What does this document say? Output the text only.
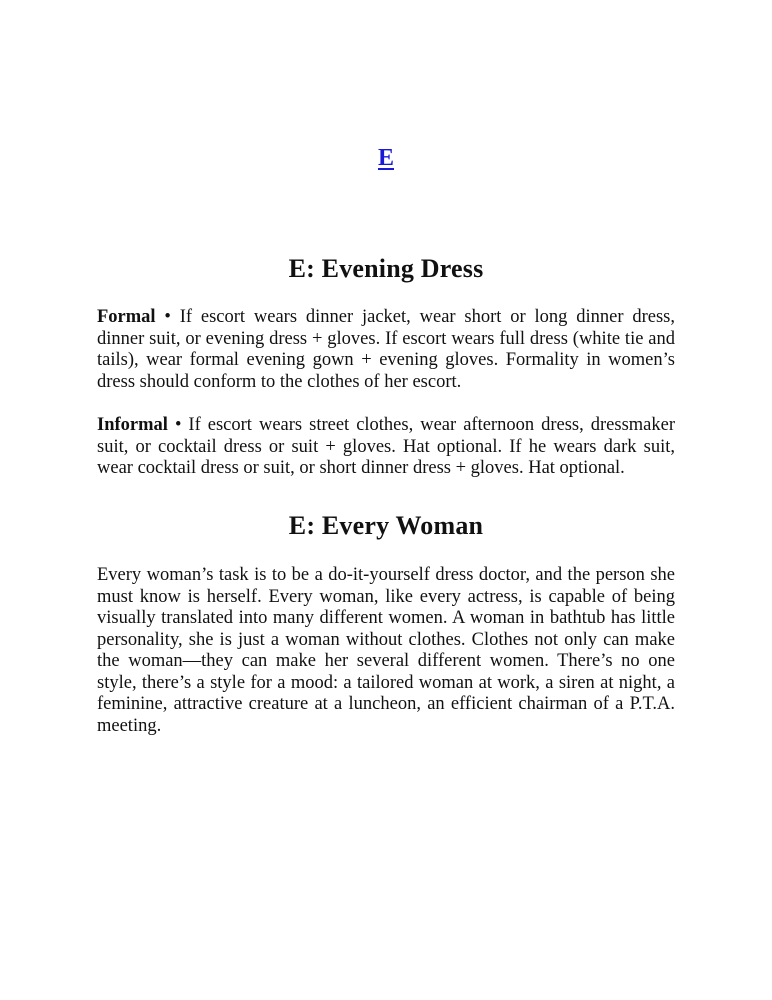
E
E: Evening Dress

Formal • If escort wears dinner jacket, wear short or long dinner dress, dinner suit, or evening dress + gloves. If escort wears full dress (white tie and tails), wear formal evening gown + evening gloves. Formality in women’s dress should conform to the clothes of her escort.

Informal • If escort wears street clothes, wear afternoon dress, dressmaker suit, or cocktail dress or suit + gloves. Hat optional. If he wears dark suit, wear cocktail dress or suit, or short dinner dress + gloves. Hat optional.

E: Every Woman

Every woman’s task is to be a do-it-yourself dress doctor, and the person she must know is herself. Every woman, like every actress, is capable of being visually translated into many different women. A woman in bathtub has little personality, she is just a woman without clothes. Clothes not only can make the woman—they can make her several different women. There’s no one style, there’s a style for a mood: a tailored woman at work, a siren at night, a feminine, attractive creature at a luncheon, an efficient chairman of a P.T.A. meeting.
